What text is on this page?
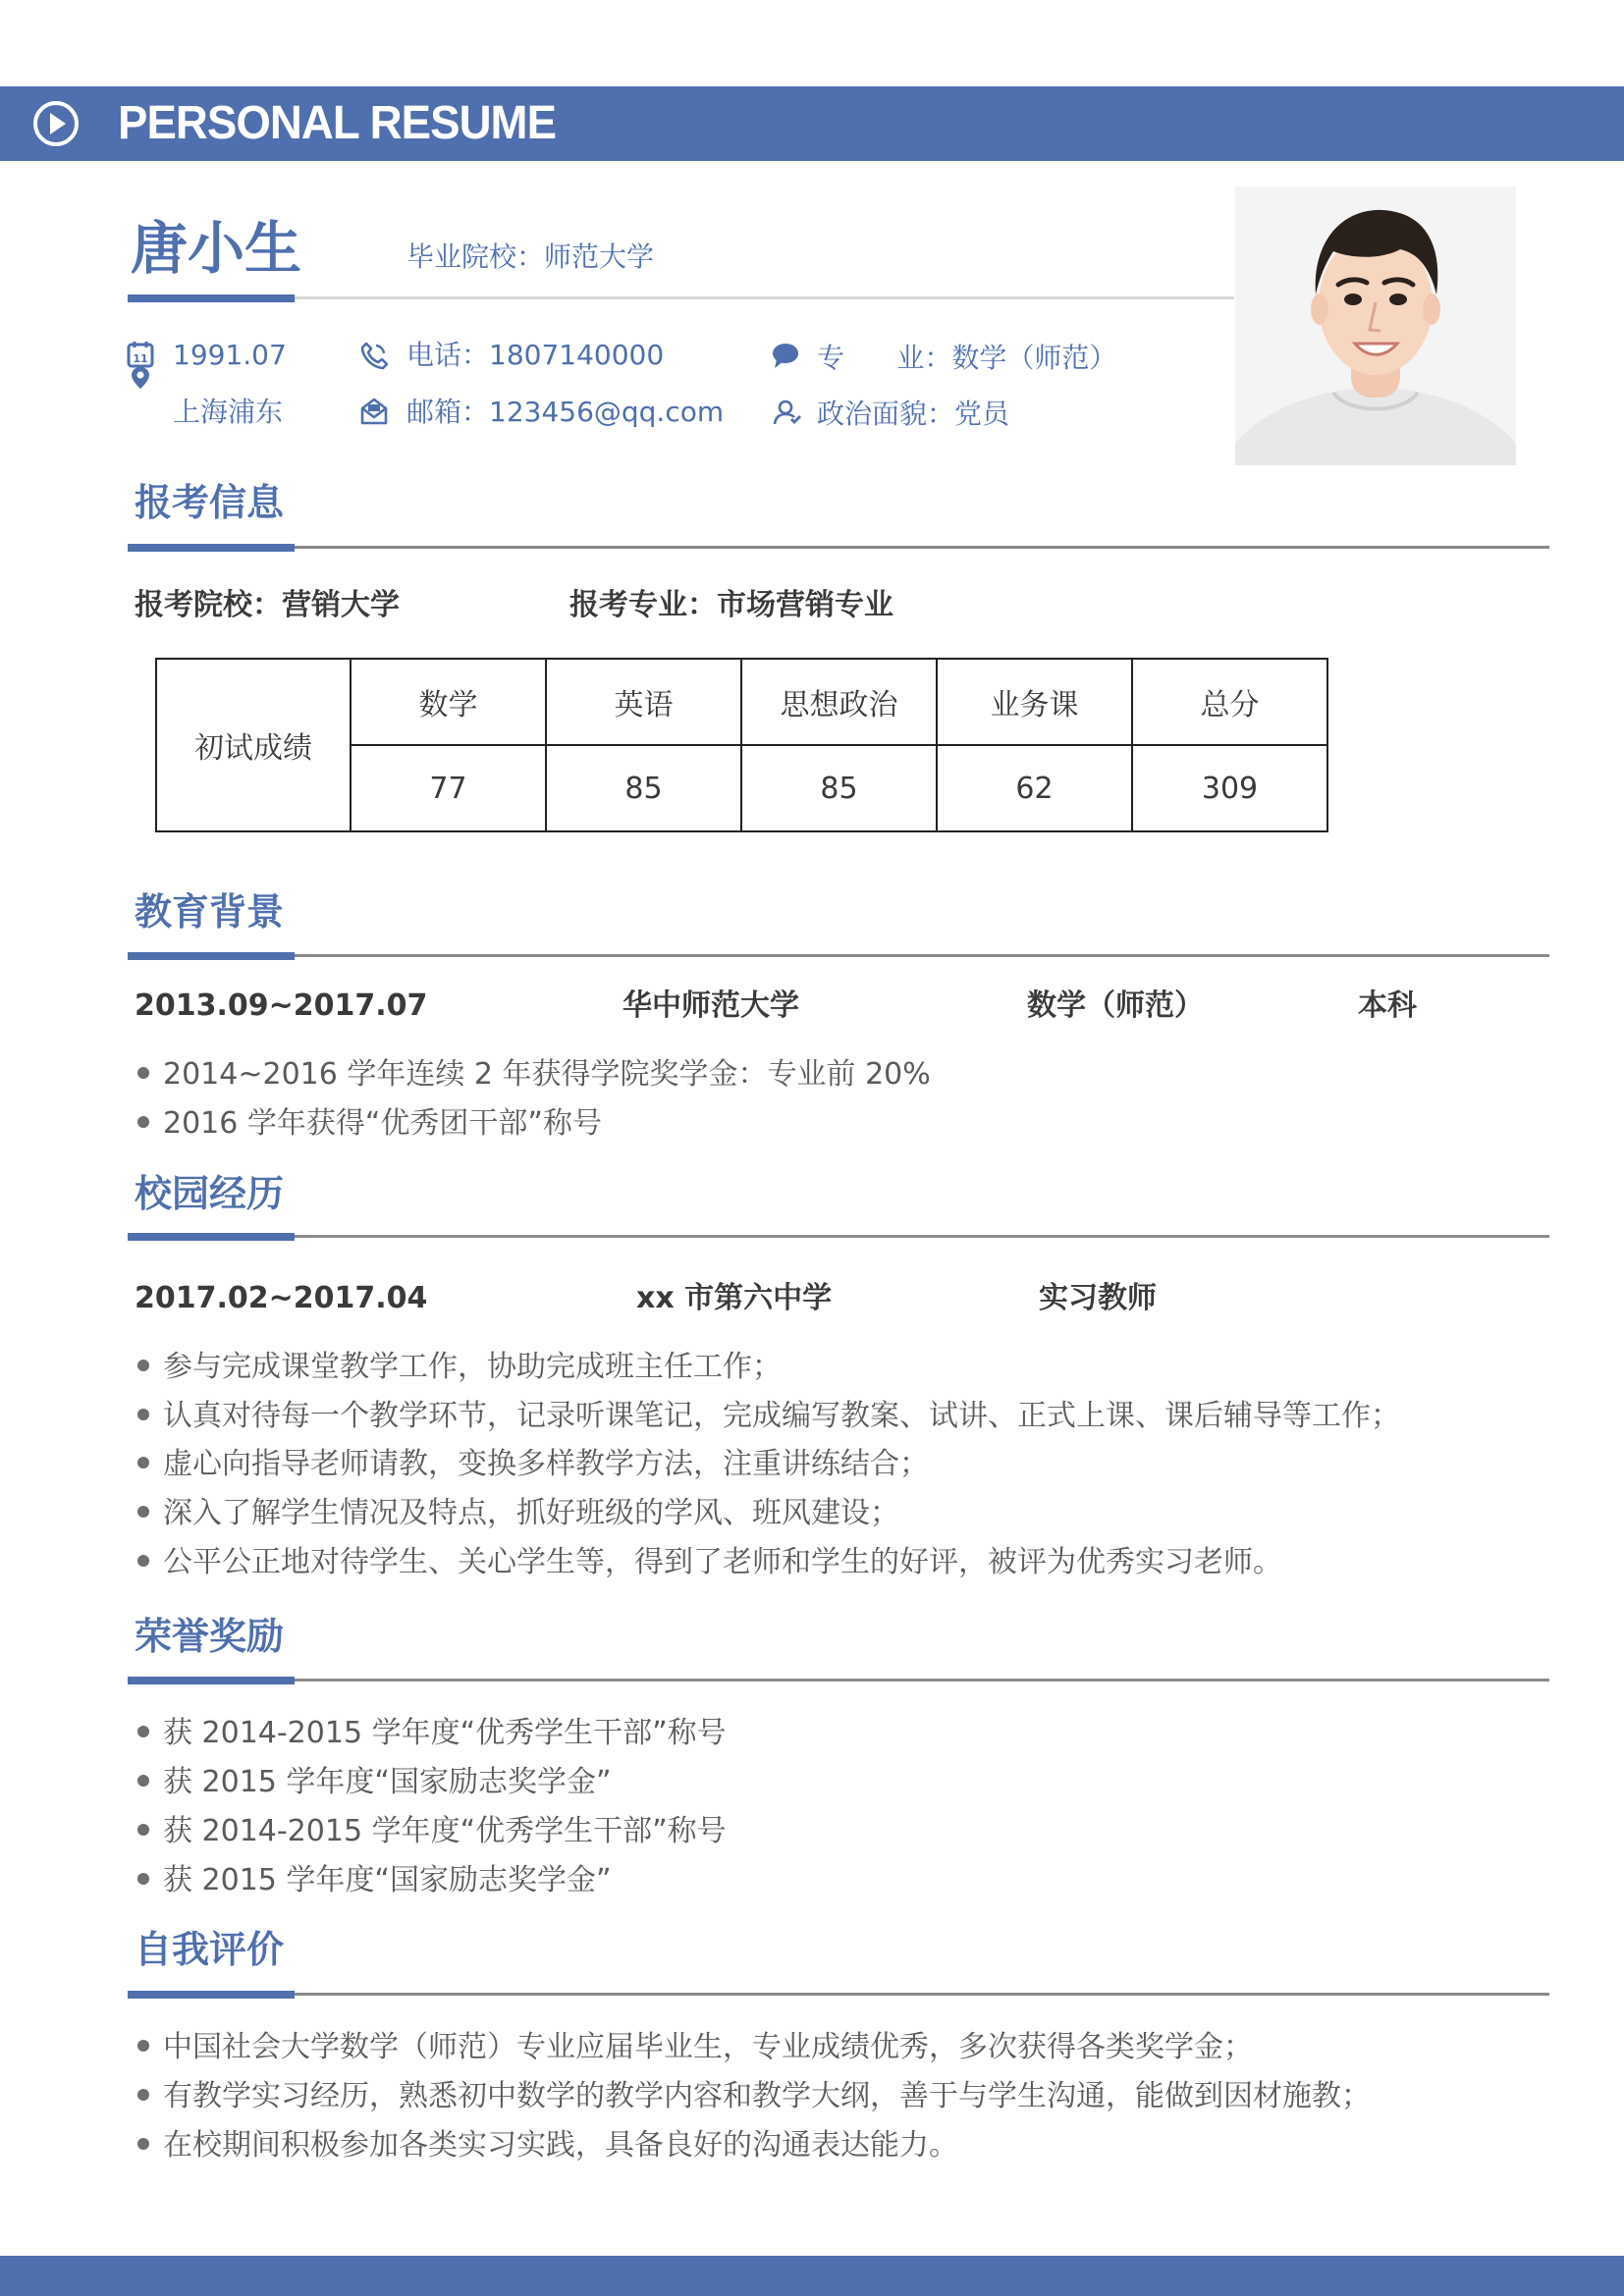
PERSONAL RESUME
唐小生	毕业院校：师范大学
11 1991.07	电话：1807140000	专      业：数学（师范）
上海浦东	邮箱：123456@qq.com	政治面貌：党员
报考信息
报考院校：营销大学	报考专业：市场营销专业
初试成绩	数学	英语	思想政治	业务课	总分
	77	85	85	62	309
教育背景
2013.09~2017.07	华中师范大学	数学（师范）	本科
2014~2016 学年连续 2 年获得学院奖学金：专业前 20%
2016 学年获得“优秀团干部”称号
校园经历
2017.02~2017.04	xx 市第六中学	实习教师
参与完成课堂教学工作，协助完成班主任工作；
认真对待每一个教学环节，记录听课笔记，完成编写教案、试讲、正式上课、课后辅导等工作；
虚心向指导老师请教，变换多样教学方法，注重讲练结合；
深入了解学生情况及特点，抓好班级的学风、班风建设；
公平公正地对待学生、关心学生等，得到了老师和学生的好评，被评为优秀实习老师。
荣誉奖励
获 2014-2015 学年度“优秀学生干部”称号
获 2015 学年度“国家励志奖学金”
获 2014-2015 学年度“优秀学生干部”称号
获 2015 学年度“国家励志奖学金”
自我评价
中国社会大学数学（师范）专业应届毕业生，专业成绩优秀，多次获得各类奖学金；
有教学实习经历，熟悉初中数学的教学内容和教学大纲，善于与学生沟通，能做到因材施教；
在校期间积极参加各类实习实践，具备良好的沟通表达能力。
